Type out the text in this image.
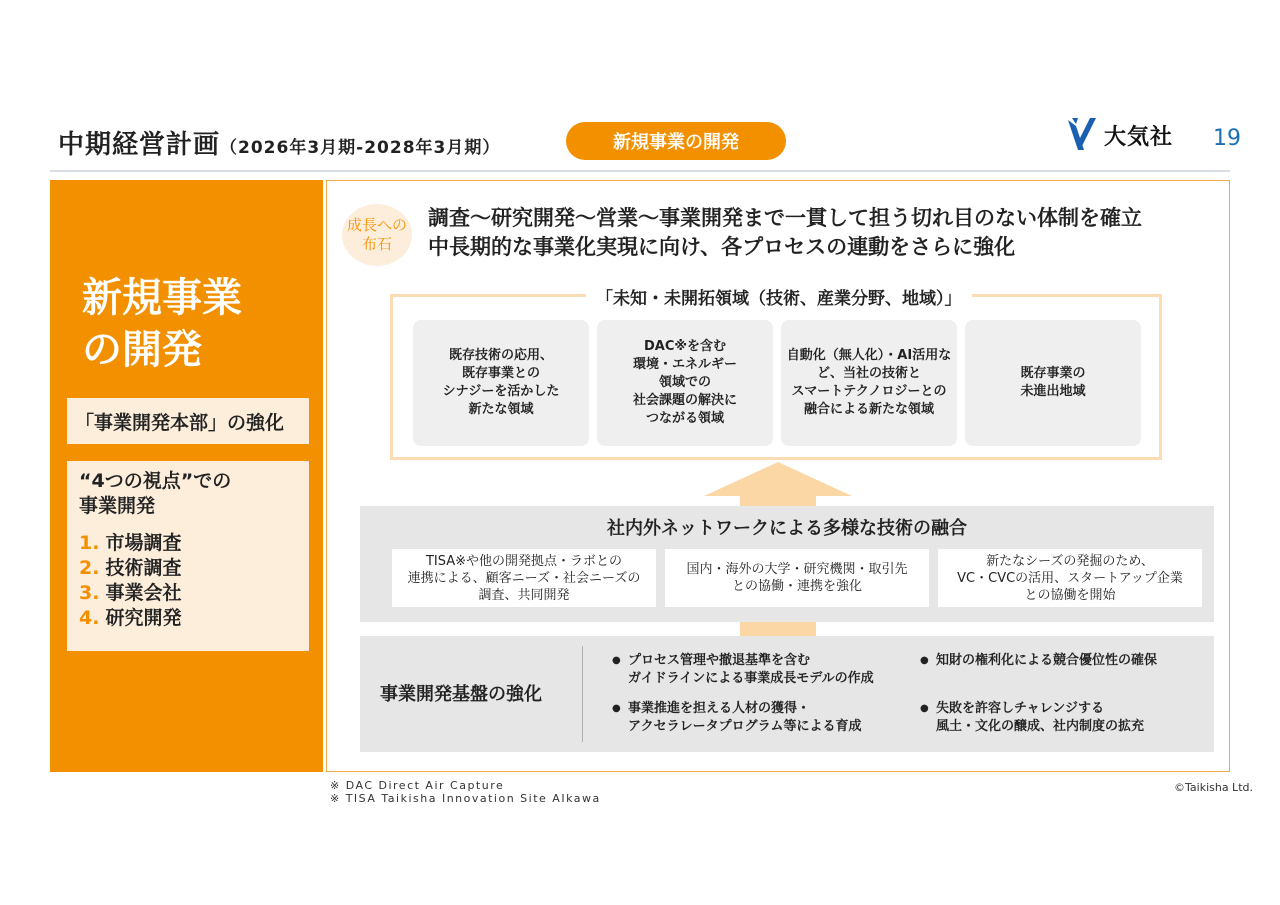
中期経営計画（2026年3月期-2028年3月期）	新規事業の開発	大気社 19
新規事業
の開発
「事業開発本部」の強化
“4つの視点”での
事業開発
1. 市場調査
2. 技術調査
3. 事業会社
4. 研究開発
成長への
布石
調査～研究開発～営業～事業開発まで一貫して担う切れ目のない体制を確立
中長期的な事業化実現に向け、各プロセスの連動をさらに強化
「未知・未開拓領域（技術、産業分野、地域）」
既存技術の応用、
既存事業との
シナジーを活かした
新たな領域
DAC※を含む
環境・エネルギー
領域での
社会課題の解決に
つながる領域
自動化（無人化）・AI活用な
ど、当社の技術と
スマートテクノロジーとの
融合による新たな領域
既存事業の
未進出地域
社内外ネットワークによる多様な技術の融合
TISA※や他の開発拠点・ラボとの
連携による、顧客ニーズ・社会ニーズの
調査、共同開発
国内・海外の大学・研究機関・取引先
との協働・連携を強化
新たなシーズの発掘のため、
VC・CVCの活用、スタートアップ企業
との協働を開始
事業開発基盤の強化
● プロセス管理や撤退基準を含む
ガイドラインによる事業成長モデルの作成
● 事業推進を担える人材の獲得・
アクセラレータプログラム等による育成
● 知財の権利化による競合優位性の確保
● 失敗を許容しチャレンジする
風土・文化の醸成、社内制度の拡充
※ DAC Direct Air Capture
※ TISA Taikisha Innovation Site AIkawa
©Taikisha Ltd.
